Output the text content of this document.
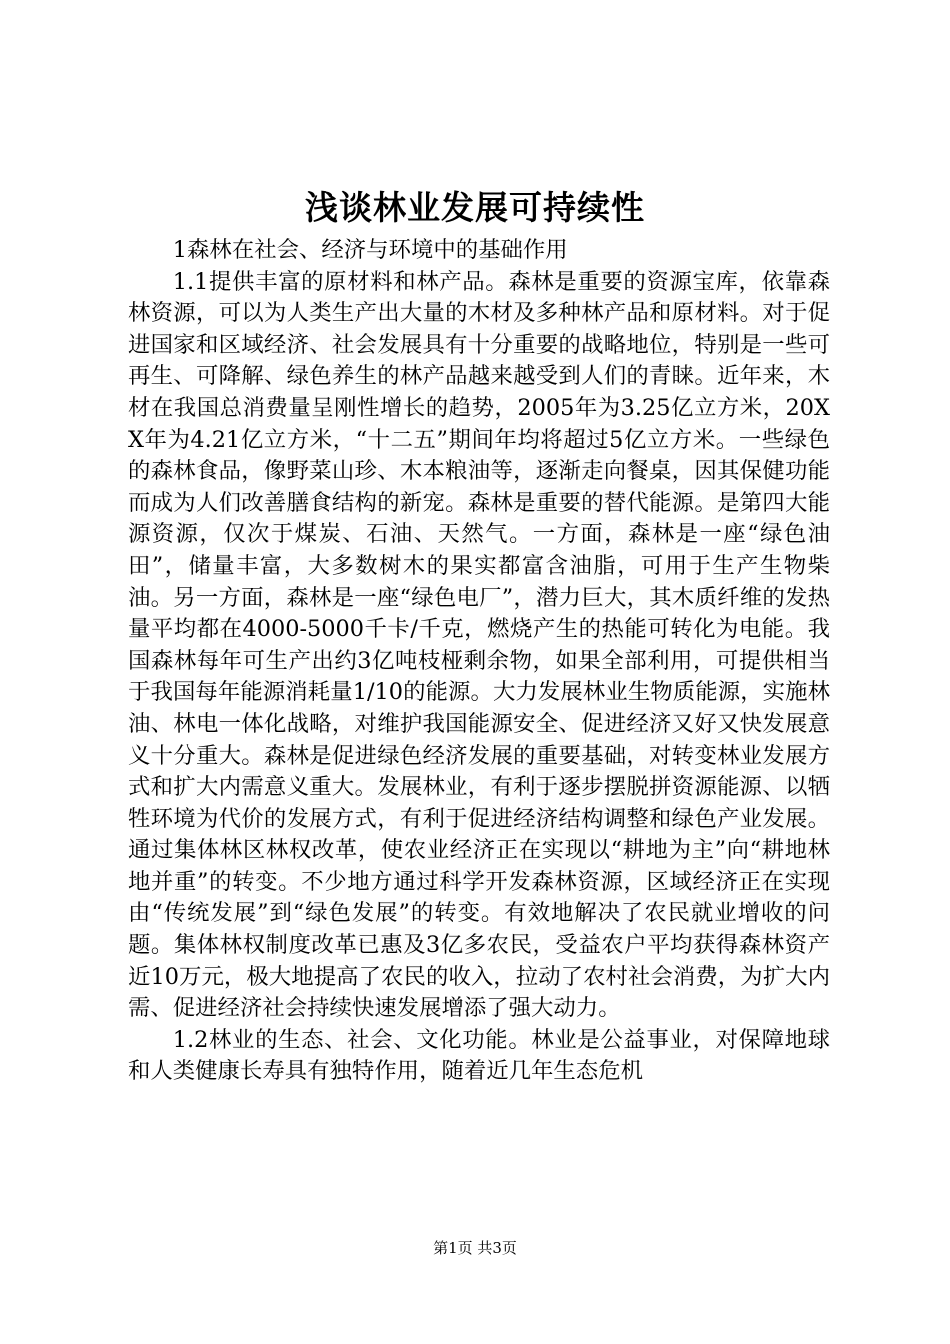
浅谈林业发展可持续性

1森林在社会、经济与环境中的基础作用

1.1提供丰富的原材料和林产品。森林是重要的资源宝库，依靠森林资源，可以为人类生产出大量的木材及多种林产品和原材料。对于促进国家和区域经济、社会发展具有十分重要的战略地位，特别是一些可再生、可降解、绿色养生的林产品越来越受到人们的青睐。近年来，木材在我国总消费量呈刚性增长的趋势，2005年为3.25亿立方米，20XX年为4.21亿立方米，“十二五”期间年均将超过5亿立方米。一些绿色的森林食品，像野菜山珍、木本粮油等，逐渐走向餐桌，因其保健功能而成为人们改善膳食结构的新宠。森林是重要的替代能源。是第四大能源资源，仅次于煤炭、石油、天然气。一方面，森林是一座“绿色油田”，储量丰富，大多数树木的果实都富含油脂，可用于生产生物柴油。另一方面，森林是一座“绿色电厂”，潜力巨大，其木质纤维的发热量平均都在4000-5000千卡/千克，燃烧产生的热能可转化为电能。我国森林每年可生产出约3亿吨枝桠剩余物，如果全部利用，可提供相当于我国每年能源消耗量1/10的能源。大力发展林业生物质能源，实施林油、林电一体化战略，对维护我国能源安全、促进经济又好又快发展意义十分重大。森林是促进绿色经济发展的重要基础，对转变林业发展方式和扩大内需意义重大。发展林业，有利于逐步摆脱拼资源能源、以牺牲环境为代价的发展方式，有利于促进经济结构调整和绿色产业发展。通过集体林区林权改革，使农业经济正在实现以“耕地为主”向“耕地林地并重”的转变。不少地方通过科学开发森林资源，区域经济正在实现由“传统发展”到“绿色发展”的转变。有效地解决了农民就业增收的问题。集体林权制度改革已惠及3亿多农民，受益农户平均获得森林资产近10万元，极大地提高了农民的收入，拉动了农村社会消费，为扩大内需、促进经济社会持续快速发展增添了强大动力。

1.2林业的生态、社会、文化功能。林业是公益事业，对保障地球和人类健康长寿具有独特作用，随着近几年生态危机

第1页 共3页
